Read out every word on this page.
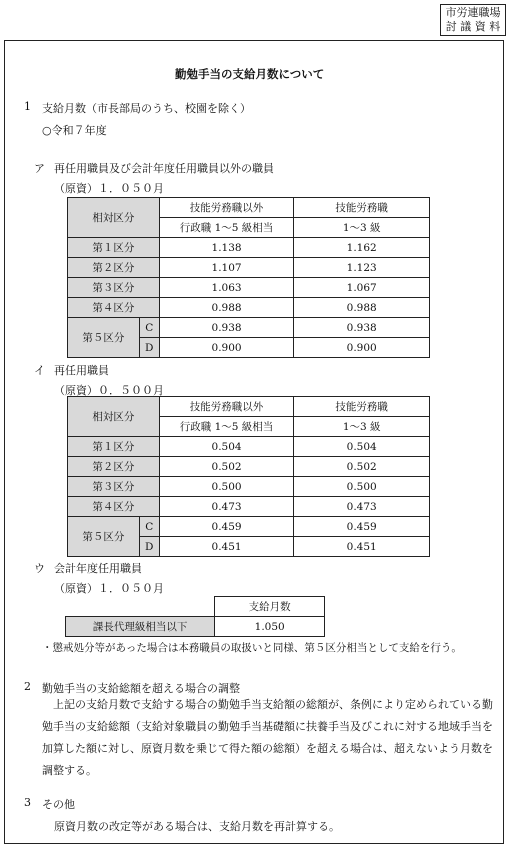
市労連職場
討 議 資 料
勤勉手当の支給月数について
1 支給月数（市長部局のうち、校園を除く）
○令和７年度
ア 再任用職員及び会計年度任用職員以外の職員
（原資）１．０５０月
相対区分		技能労務職以外	技能労務職
		行政職 1～5 級相当	1～3 級
第１区分		1.138	1.162
第２区分		1.107	1.123
第３区分		1.063	1.067
第４区分		0.988	0.988
第５区分	C	0.938	0.938
	D	0.900	0.900
イ 再任用職員
（原資）０．５００月
相対区分		技能労務職以外	技能労務職
		行政職 1～5 級相当	1～3 級
第１区分		0.504	0.504
第２区分		0.502	0.502
第３区分		0.500	0.500
第４区分		0.473	0.473
第５区分	C	0.459	0.459
	D	0.451	0.451
ウ 会計年度任用職員
（原資）１．０５０月
	支給月数
課長代理級相当以下	1.050
・懲戒処分等があった場合は本務職員の取扱いと同様、第５区分相当として支給を行う。
2 勤勉手当の支給総額を超える場合の調整
上記の支給月数で支給する場合の勤勉手当支給額の総額が、条例により定められている勤勉手当の支給総額（支給対象職員の勤勉手当基礎額に扶養手当及びこれに対する地域手当を加算した額に対し、原資月数を乗じて得た額の総額）を超える場合は、超えないよう月数を調整する。
3 その他
原資月数の改定等がある場合は、支給月数を再計算する。
